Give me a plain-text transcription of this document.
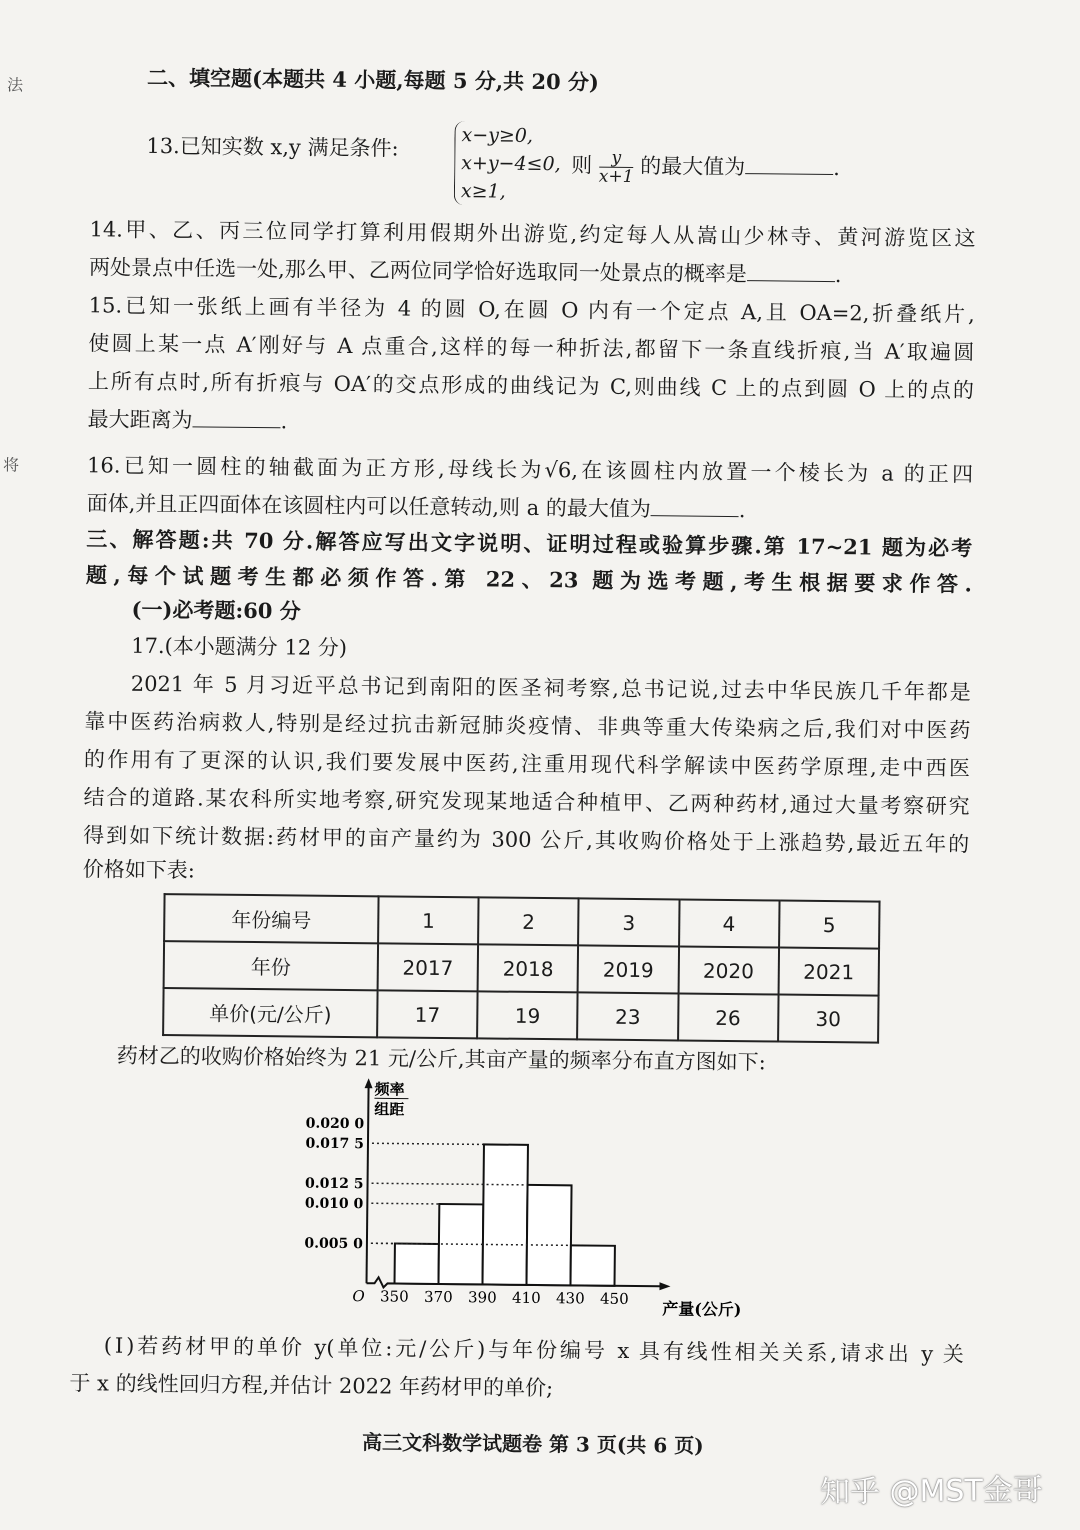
法
将
二、填空题(本题共 4 小题,每题 5 分,共 20 分)
13.已知实数 x,y 满足条件:	x−y≥0,
x+y−4≤0,
x≥1,
则 $\frac{y}{x+1}$ 的最大值为	.
14.甲、乙、丙三位同学打算利用假期外出游览,约定每人从嵩山少林寺、黄河游览区这
两处景点中任选一处,那么甲、乙两位同学恰好选取同一处景点的概率是	.
15.已知一张纸上画有半径为 4 的圆 O,在圆 O 内有一个定点 A,且 OA=2,折叠纸片,
使圆上某一点 A′刚好与 A 点重合,这样的每一种折法,都留下一条直线折痕,当 A′取遍圆
上所有点时,所有折痕与 OA′的交点形成的曲线记为 C,则曲线 C 上的点到圆 O 上的点的
最大距离为	.
16.已知一圆柱的轴截面为正方形,母线长为√6,在该圆柱内放置一个棱长为 a 的正四
面体,并且正四面体在该圆柱内可以任意转动,则 a 的最大值为	.
三、解答题:共 70 分.解答应写出文字说明、证明过程或验算步骤.第 17~21 题为必考
题,每个试题考生都必须作答.第 22、23 题为选考题,考生根据要求作答.
(一)必考题:60 分
17.(本小题满分 12 分)
2021 年 5 月习近平总书记到南阳的医圣祠考察,总书记说,过去中华民族几千年都是
靠中医药治病救人,特别是经过抗击新冠肺炎疫情、非典等重大传染病之后,我们对中医药
的作用有了更深的认识,我们要发展中医药,注重用现代科学解读中医药学原理,走中西医
结合的道路.某农科所实地考察,研究发现某地适合种植甲、乙两种药材,通过大量考察研究
得到如下统计数据:药材甲的亩产量约为 300 公斤,其收购价格处于上涨趋势,最近五年的
价格如下表:
年份编号	1	2	3	4	5
年份	2017	2018	2019	2020	2021
单价(元/公斤)	17	19	23	26	30
药材乙的收购价格始终为 21 元/公斤,其亩产量的频率分布直方图如下:
频率
组距
O
产量(公斤)
0.020 0
0.017 5
0.012 5
0.010 0
0.005 0
350 370 390 410 430 450
(Ⅰ)若药材甲的单价 y(单位:元/公斤)与年份编号 x 具有线性相关关系,请求出 y 关
于 x 的线性回归方程,并估计 2022 年药材甲的单价;
高三文科数学试题卷 第 3 页(共 6 页)
知乎 @MST金哥
